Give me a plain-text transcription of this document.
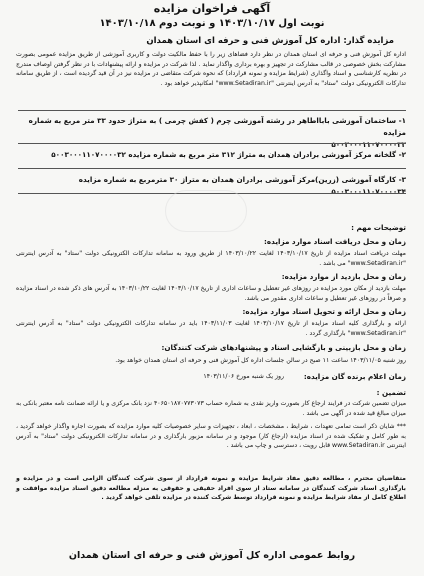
آگهی فراخوان مزایده
نوبت اول ۱۴۰۳/۱۰/۱۷ و نوبت دوم ۱۴۰۳/۱۰/۱۸
مزایده گذار: اداره کل آموزش فنی و حرفه ای استان همدان
اداره کل آموزش فنی و حرفه ای استان همدان در نظر دارد فضاهای زیر را با حفظ مالکیت دولت و کاربری آموزشی از طریق مزایده عمومی بصورت مشارکت بخش خصوصی در قالب مشارکت در تجهیز و بهره برداری واگذار نماید . لذا شرکت در مزایده و ارائه پیشنهادات با در نظر گرفتن اوصاف مندرج در نظریه کارشناسی و اسناد واگذاری (شرایط مزایده و نمونه قرارداد) که نحوه شرکت متقاضی در مزایده نیز در آن قید گردیده است ، از طریق سامانه تدارکات الکترونیکی دولت "ستاد" به آدرس اینترنتی "www.Setadiran.ir" امکانپذیر خواهد بود .
۱- ساختمان آموزشی بابااطاهر در رشته آموزشی چرم ( کفش چرمی ) به متراژ حدود ۳۳ متر مربع به شماره مزایده
۵۰۰۳۰۰۰۱۱۰۷۰۰۰۰۳۳
۲- گلخانه مرکز آموزشی برادران همدان به متراژ ۳۱۲ متر مربع به شماره مزایده ۵۰۰۳۰۰۰۱۱۰۷۰۰۰۰۳۲
۳- کارگاه آموزشی (زرین)مرکز آموزشی برادران همدان به متراژ ۳۰ مترمربع به شماره مزایده ۵۰۰۳۰۰۰۱۱۰۷۰۰۰۰۳۴
توضیحات مهم :
زمان و محل دریافت اسناد موارد مزایده:
مهلت دریافت اسناد مزایده از تاریخ ۱۴۰۳/۱۰/۱۷ لغایت ۱۴۰۳/۱۰/۲۲ از طریق ورود به سامانه تدارکات الکترونیکی دولت "ستاد" به آدرس اینترنتی "www.Setadiran.ir" می باشد .
زمان و محل بازدید از موارد مزایده:
مهلت بازدید از مکان مورد مزایده در روزهای غیر تعطیل و ساعات اداری از تاریخ ۱۴۰۳/۱۰/۱۷ لغایت ۱۴۰۳/۱۰/۲۲ به آدرس های ذکر شده در اسناد مزایده و صرفاً در روزهای غیر تعطیل و ساعات اداری مقدور می باشد.
زمان و محل ارائه و تحویل اسناد موارد مزایده:
ارائه و بارگذاری کلیه اسناد مزایده از تاریخ ۱۴۰۳/۱۰/۱۷ لغایت ۱۴۰۳/۱۱/۰۳ باید در سامانه تدارکات الکترونیکی دولت "ستاد" به آدرس اینترنتی "www.Setadiran.ir" بارگذاری گردد .
زمان و محل بازبینی و بازگشایی اسناد و پیشنهادهای شرکت کنندگان:
روز شنبه ۱۴۰۳/۱۱/۰۵ ساعت ۱۱ صبح در سالن جلسات اداره کل آموزش فنی و حرفه ای استان همدان خواهد بود.
زمان اعلام برنده گان مزایده:
روز یک شنبه مورخ ۱۴۰۳/۱۱/۰۶
تضمین :
میزان تضمین شرکت در فرایند ارجاع کار بصورت واریز نقدی به شماره حساب ۴۰۶۵۰۱۸۷۰۷۷۳۰۷۳ نزد بانک مرکزی و یا ارائه ضمانت نامه معتبر بانکی به میزان مبالغ قید شده در آگهی می باشد .
*** شایان ذکر است تمامی تعهدات ، شرایط ، مشخصات ، ابعاد ، تجهیزات و سایر خصوصیات کلیه موارد مزایده که بصورت اجاره واگذار خواهد گردید ، به طور کامل و تفکیک شده در اسناد مزایده (ارجاع کار) موجود و در سامانه مزبور بارگذاری و در سامانه تدارکات الکترونیکی دولت "ستاد" به آدرس اینترنتی www.Setadiran.ir قابل رویت ، دسترسی و چاپ می باشد .
متقاضیان محترم ، مطالعه دقیق مفاد شرایط مزایده و نمونه قرارداد از سوی شرکت کنندگان الزامی است و در مزایده و بارگذاری اسناد شرکت کنندگان در سامانه ستاد از سوی افراد حقیقی و حقوقی به منزله مطالعه دقیق اسناد مزایده موافقت و اطلاع کامل از مفاد شرایط مزایده و نمونه قرارداد توسط شرکت کننده در مزایده تلقی خواهد گردید .
روابط عمومی اداره کل آموزش فنی و حرفه ای استان همدان
